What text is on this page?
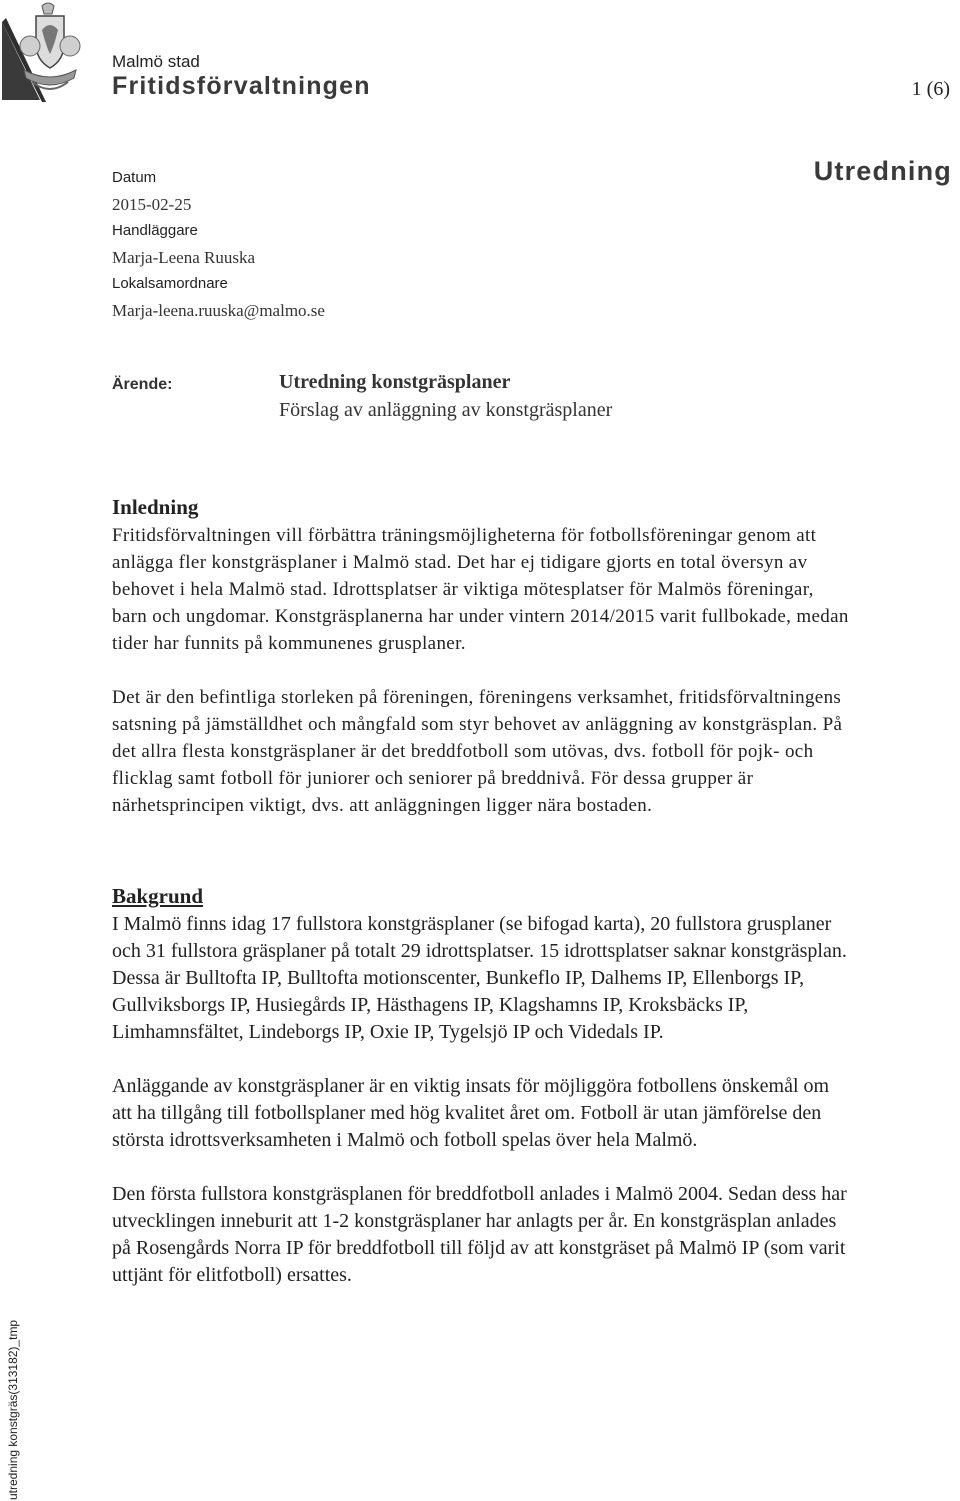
Malmö stad
Fritidsförvaltningen	1 (6)
Utredning
Datum
2015-02-25
Handläggare
Marja-Leena Ruuska
Lokalsamordnare
Marja-leena.ruuska@malmo.se
Ärende:	Utredning konstgräsplaner
Förslag av anläggning av konstgräsplaner
Inledning

Fritidsförvaltningen vill förbättra träningsmöjligheterna för fotbollsföreningar genom att anlägga fler konstgräsplaner i Malmö stad. Det har ej tidigare gjorts en total översyn av behovet i hela Malmö stad. Idrottsplatser är viktiga mötesplatser för Malmös föreningar, barn och ungdomar. Konstgräsplanerna har under vintern 2014/2015 varit fullbokade, medan tider har funnits på kommunenes grusplaner.

Det är den befintliga storleken på föreningen, föreningens verksamhet, fritidsförvaltningens satsning på jämställdhet och mångfald som styr behovet av anläggning av konstgräsplan. På det allra flesta konstgräsplaner är det breddfotboll som utövas, dvs. fotboll för pojk- och flicklag samt fotboll för juniorer och seniorer på breddnivå. För dessa grupper är närhetsprincipen viktigt, dvs. att anläggningen ligger nära bostaden.

Bakgrund

I Malmö finns idag 17 fullstora konstgräsplaner (se bifogad karta), 20 fullstora grusplaner och 31 fullstora gräsplaner på totalt 29 idrottsplatser. 15 idrottsplatser saknar konstgräsplan. Dessa är Bulltofta IP, Bulltofta motionscenter, Bunkeflo IP, Dalhems IP, Ellenborgs IP, Gullviksborgs IP, Husiegårds IP, Hästhagens IP, Klagshamns IP, Kroksbäcks IP, Limhamnsfältet, Lindeborgs IP, Oxie IP, Tygelsjö IP och Videdals IP.

Anläggande av konstgräsplaner är en viktig insats för möjliggöra fotbollens önskemål om att ha tillgång till fotbollsplaner med hög kvalitet året om. Fotboll är utan jämförelse den största idrottsverksamheten i Malmö och fotboll spelas över hela Malmö.

Den första fullstora konstgräsplanen för breddfotboll anlades i Malmö 2004. Sedan dess har utvecklingen inneburit att 1-2 konstgräsplaner har anlagts per år. En konstgräsplan anlades på Rosengårds Norra IP för breddfotboll till följd av att konstgräset på Malmö IP (som varit uttjänt för elitfotboll) ersattes.

utredning konstgräs(313182)_tmp
